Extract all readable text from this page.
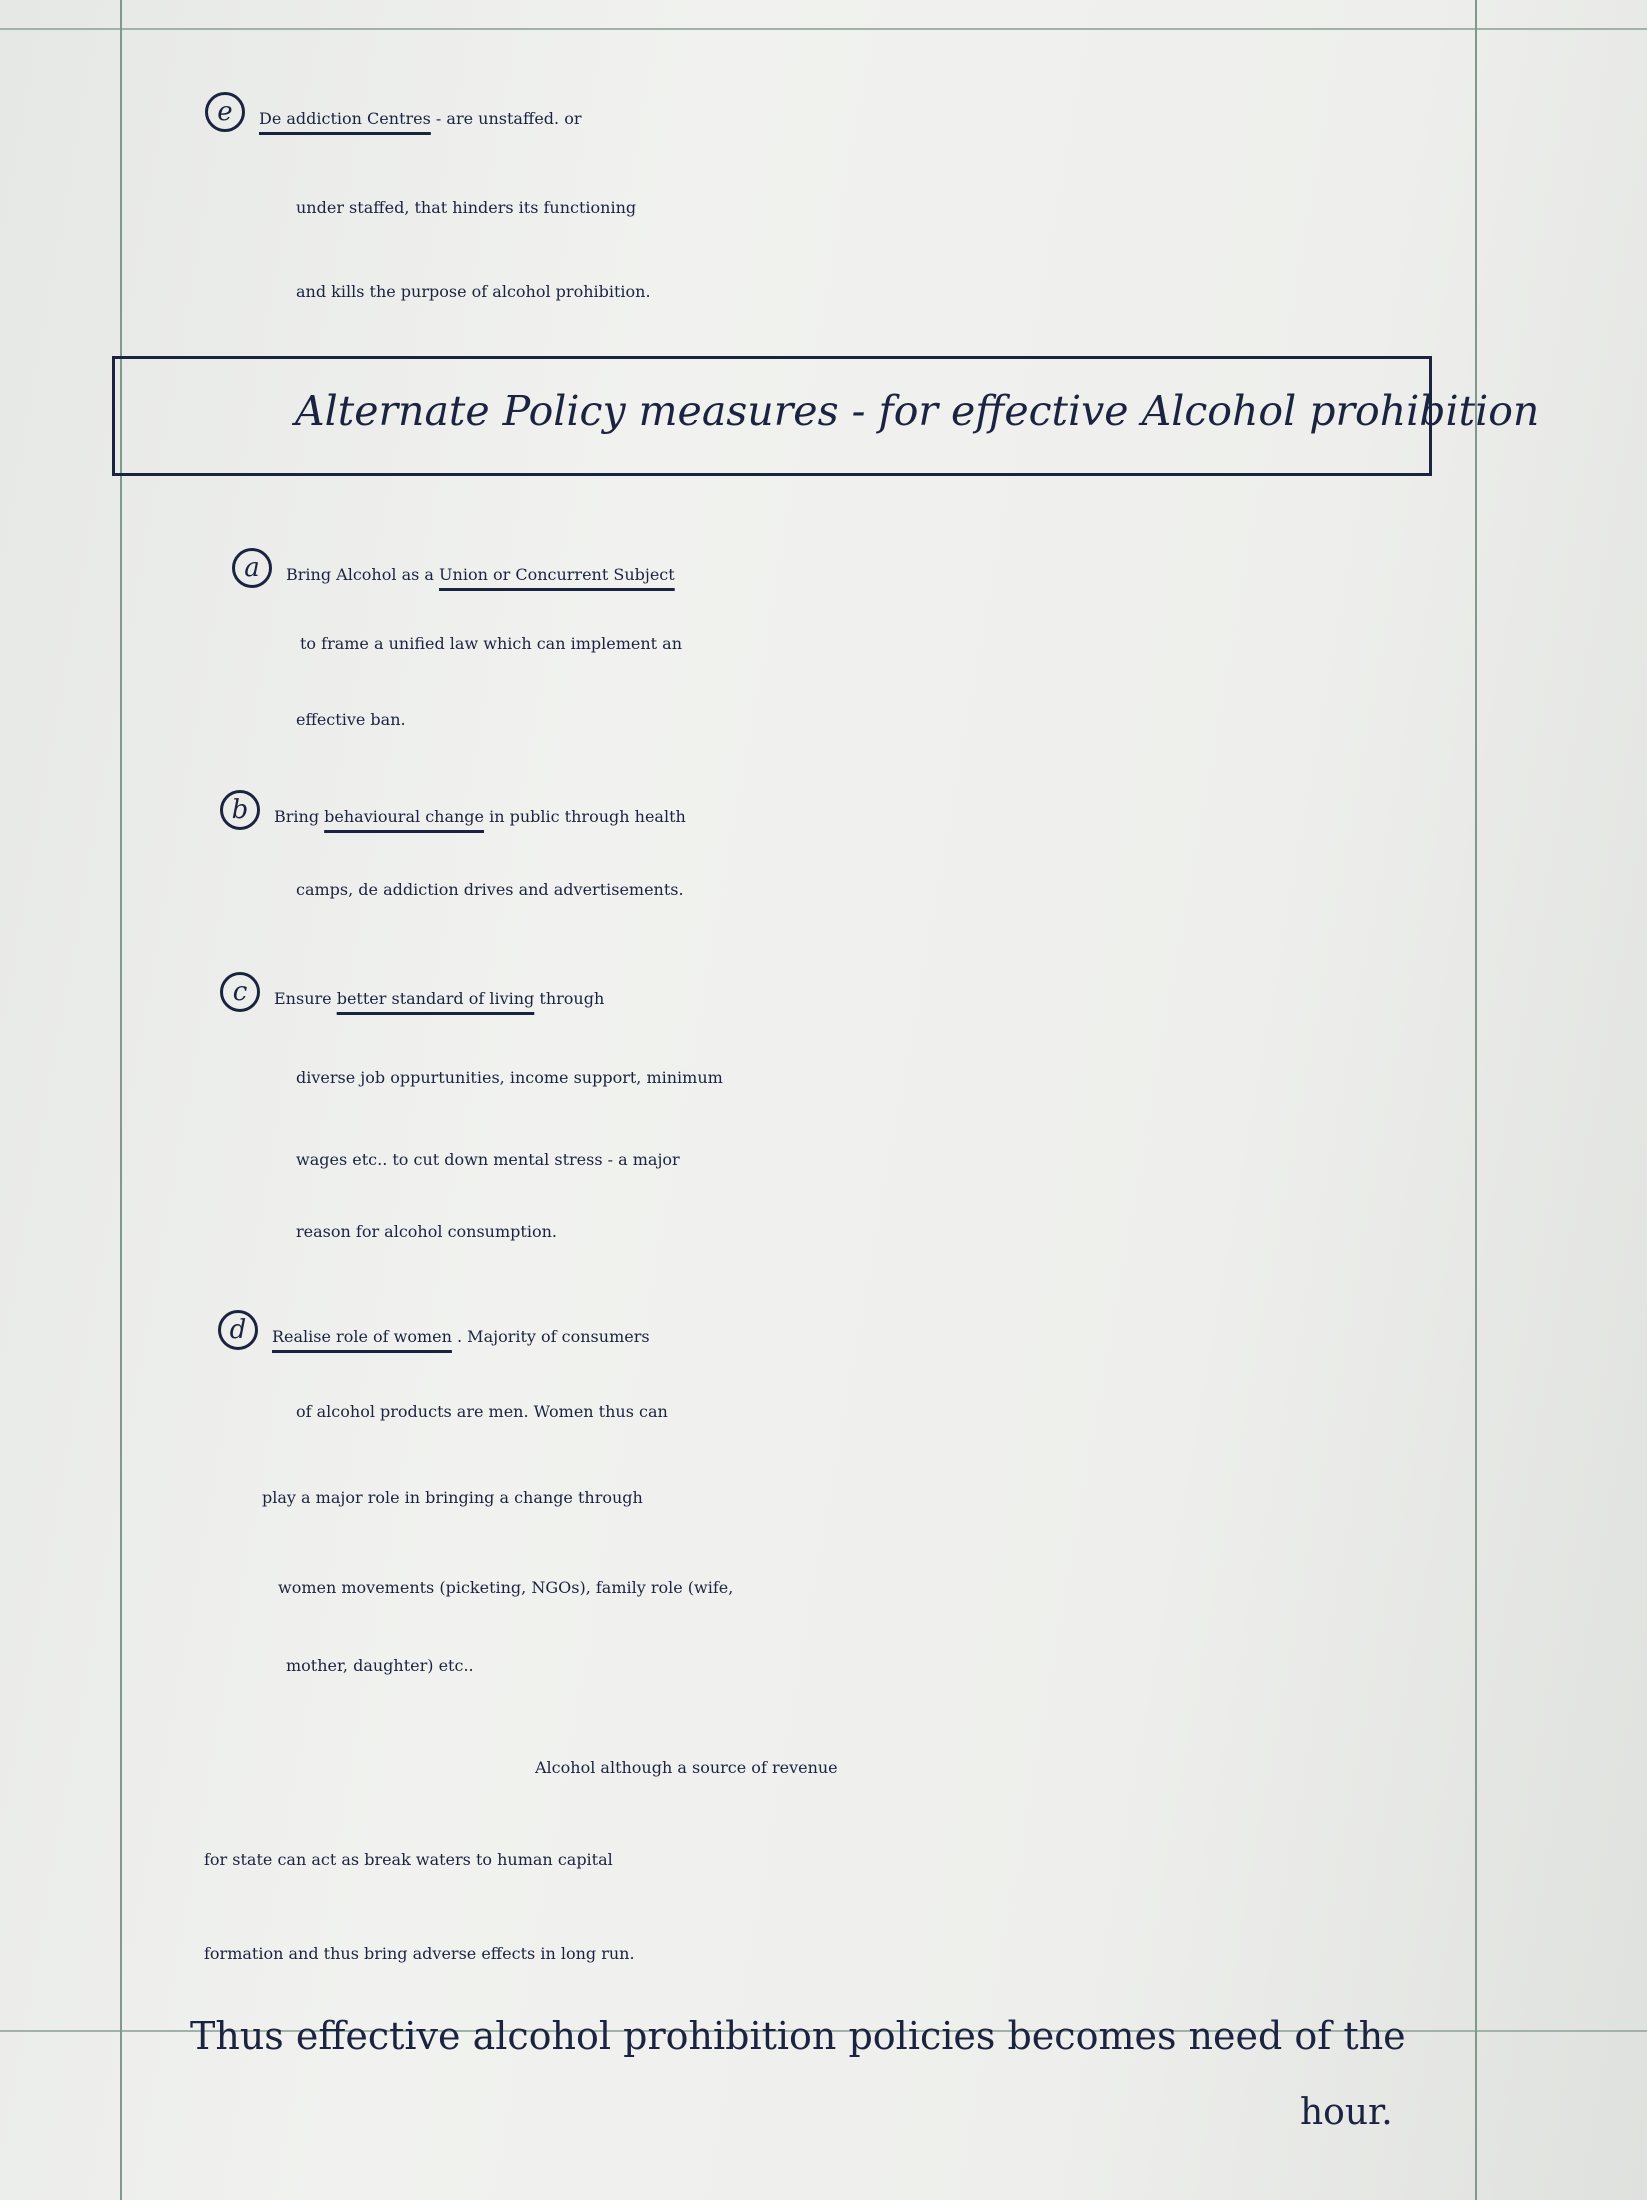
e De addiction Centres - are unstaffed. or
under staffed, that hinders its functioning
and kills the purpose of alcohol prohibition.
Alternate Policy measures - for effective Alcohol prohibition
a Bring Alcohol as a Union or Concurrent Subject
to frame a unified law which can implement an
effective ban.
b Bring behavioural change in public through health
camps, de addiction drives and advertisements.
c Ensure better standard of living through
diverse job oppurtunities, income support, minimum
wages etc.. to cut down mental stress - a major
reason for alcohol consumption.
d Realise role of women . Majority of consumers
of alcohol products are men. Women thus can
play a major role in bringing a change through
women movements (picketing, NGOs), family role (wife,
mother, daughter) etc..
Alcohol although a source of revenue
for state can act as break waters to human capital
formation and thus bring adverse effects in long run.
Thus effective alcohol prohibition policies becomes need of the
hour.
